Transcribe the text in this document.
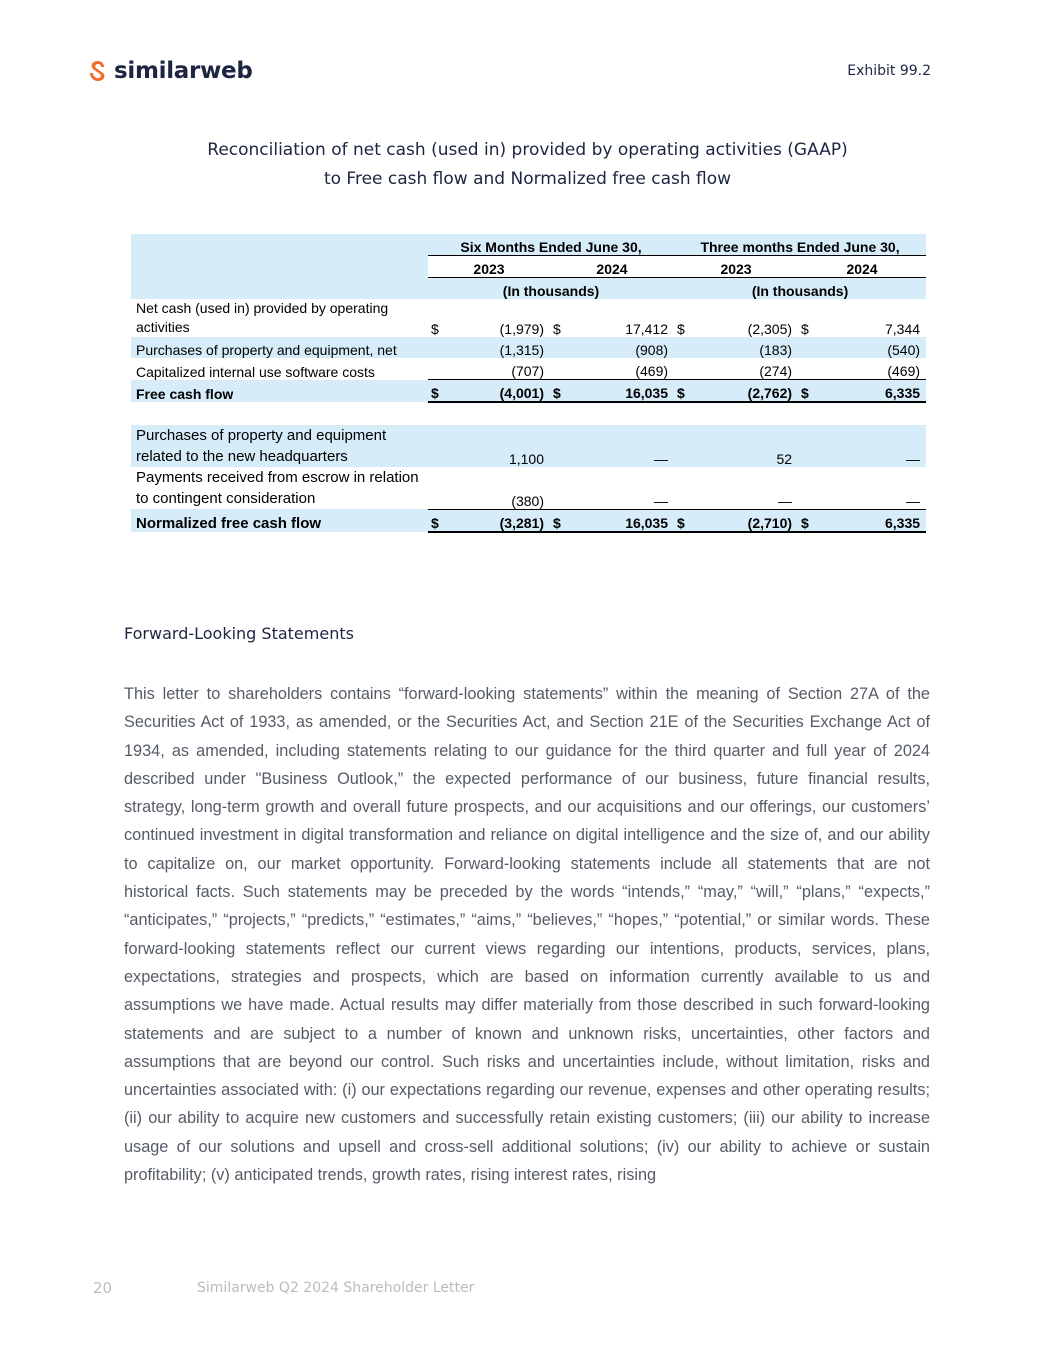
similarweb	Exhibit 99.2
Reconciliation of net cash (used in) provided by operating activities (GAAP)
to Free cash flow and Normalized free cash flow
	Six Months Ended June 30,				Three months Ended June 30,			
	2023		2024		2023		2024	
	(In thousands)				(In thousands)			
Net cash (used in) provided by operating activities	$	(1,979)	$	17,412	$	(2,305)	$	7,344
Purchases of property and equipment, net		(1,315)		(908)		(183)		(540)
Capitalized internal use software costs		(707)		(469)		(274)		(469)
Free cash flow	$	(4,001)	$	16,035	$	(2,762)	$	6,335

Purchases of property and equipment related to the new headquarters		1,100		—		52		—
Payments received from escrow in relation to contingent consideration		(380)		—		—		—
Normalized free cash flow	$	(3,281)	$	16,035	$	(2,710)	$	6,335
Forward-Looking Statements
This letter to shareholders contains “forward-looking statements” within the meaning of Section 27A of the Securities Act of 1933, as amended, or the Securities Act, and Section 21E of the Securities Exchange Act of 1934, as amended, including statements relating to our guidance for the third quarter and full year of 2024 described under "Business Outlook,” the expected performance of our business, future financial results, strategy, long-term growth and overall future prospects, and our acquisitions and our offerings, our customers’ continued investment in digital transformation and reliance on digital intelligence and the size of, and our ability to capitalize on, our market opportunity. Forward-looking statements include all statements that are not historical facts. Such statements may be preceded by the words “intends,” “may,” “will,” “plans,” “expects,” “anticipates,” “projects,” “predicts,” “estimates,” “aims,” “believes,” “hopes,” “potential,” or similar words. These forward-looking statements reflect our current views regarding our intentions, products, services, plans, expectations, strategies and prospects, which are based on information currently available to us and assumptions we have made. Actual results may differ materially from those described in such forward-looking statements and are subject to a number of known and unknown risks, uncertainties, other factors and assumptions that are beyond our control. Such risks and uncertainties include, without limitation, risks and uncertainties associated with: (i) our expectations regarding our revenue, expenses and other operating results; (ii) our ability to acquire new customers and successfully retain existing customers; (iii) our ability to increase usage of our solutions and upsell and cross-sell additional solutions; (iv) our ability to achieve or sustain profitability; (v) anticipated trends, growth rates, rising interest rates, rising
20	Similarweb Q2 2024 Shareholder Letter
